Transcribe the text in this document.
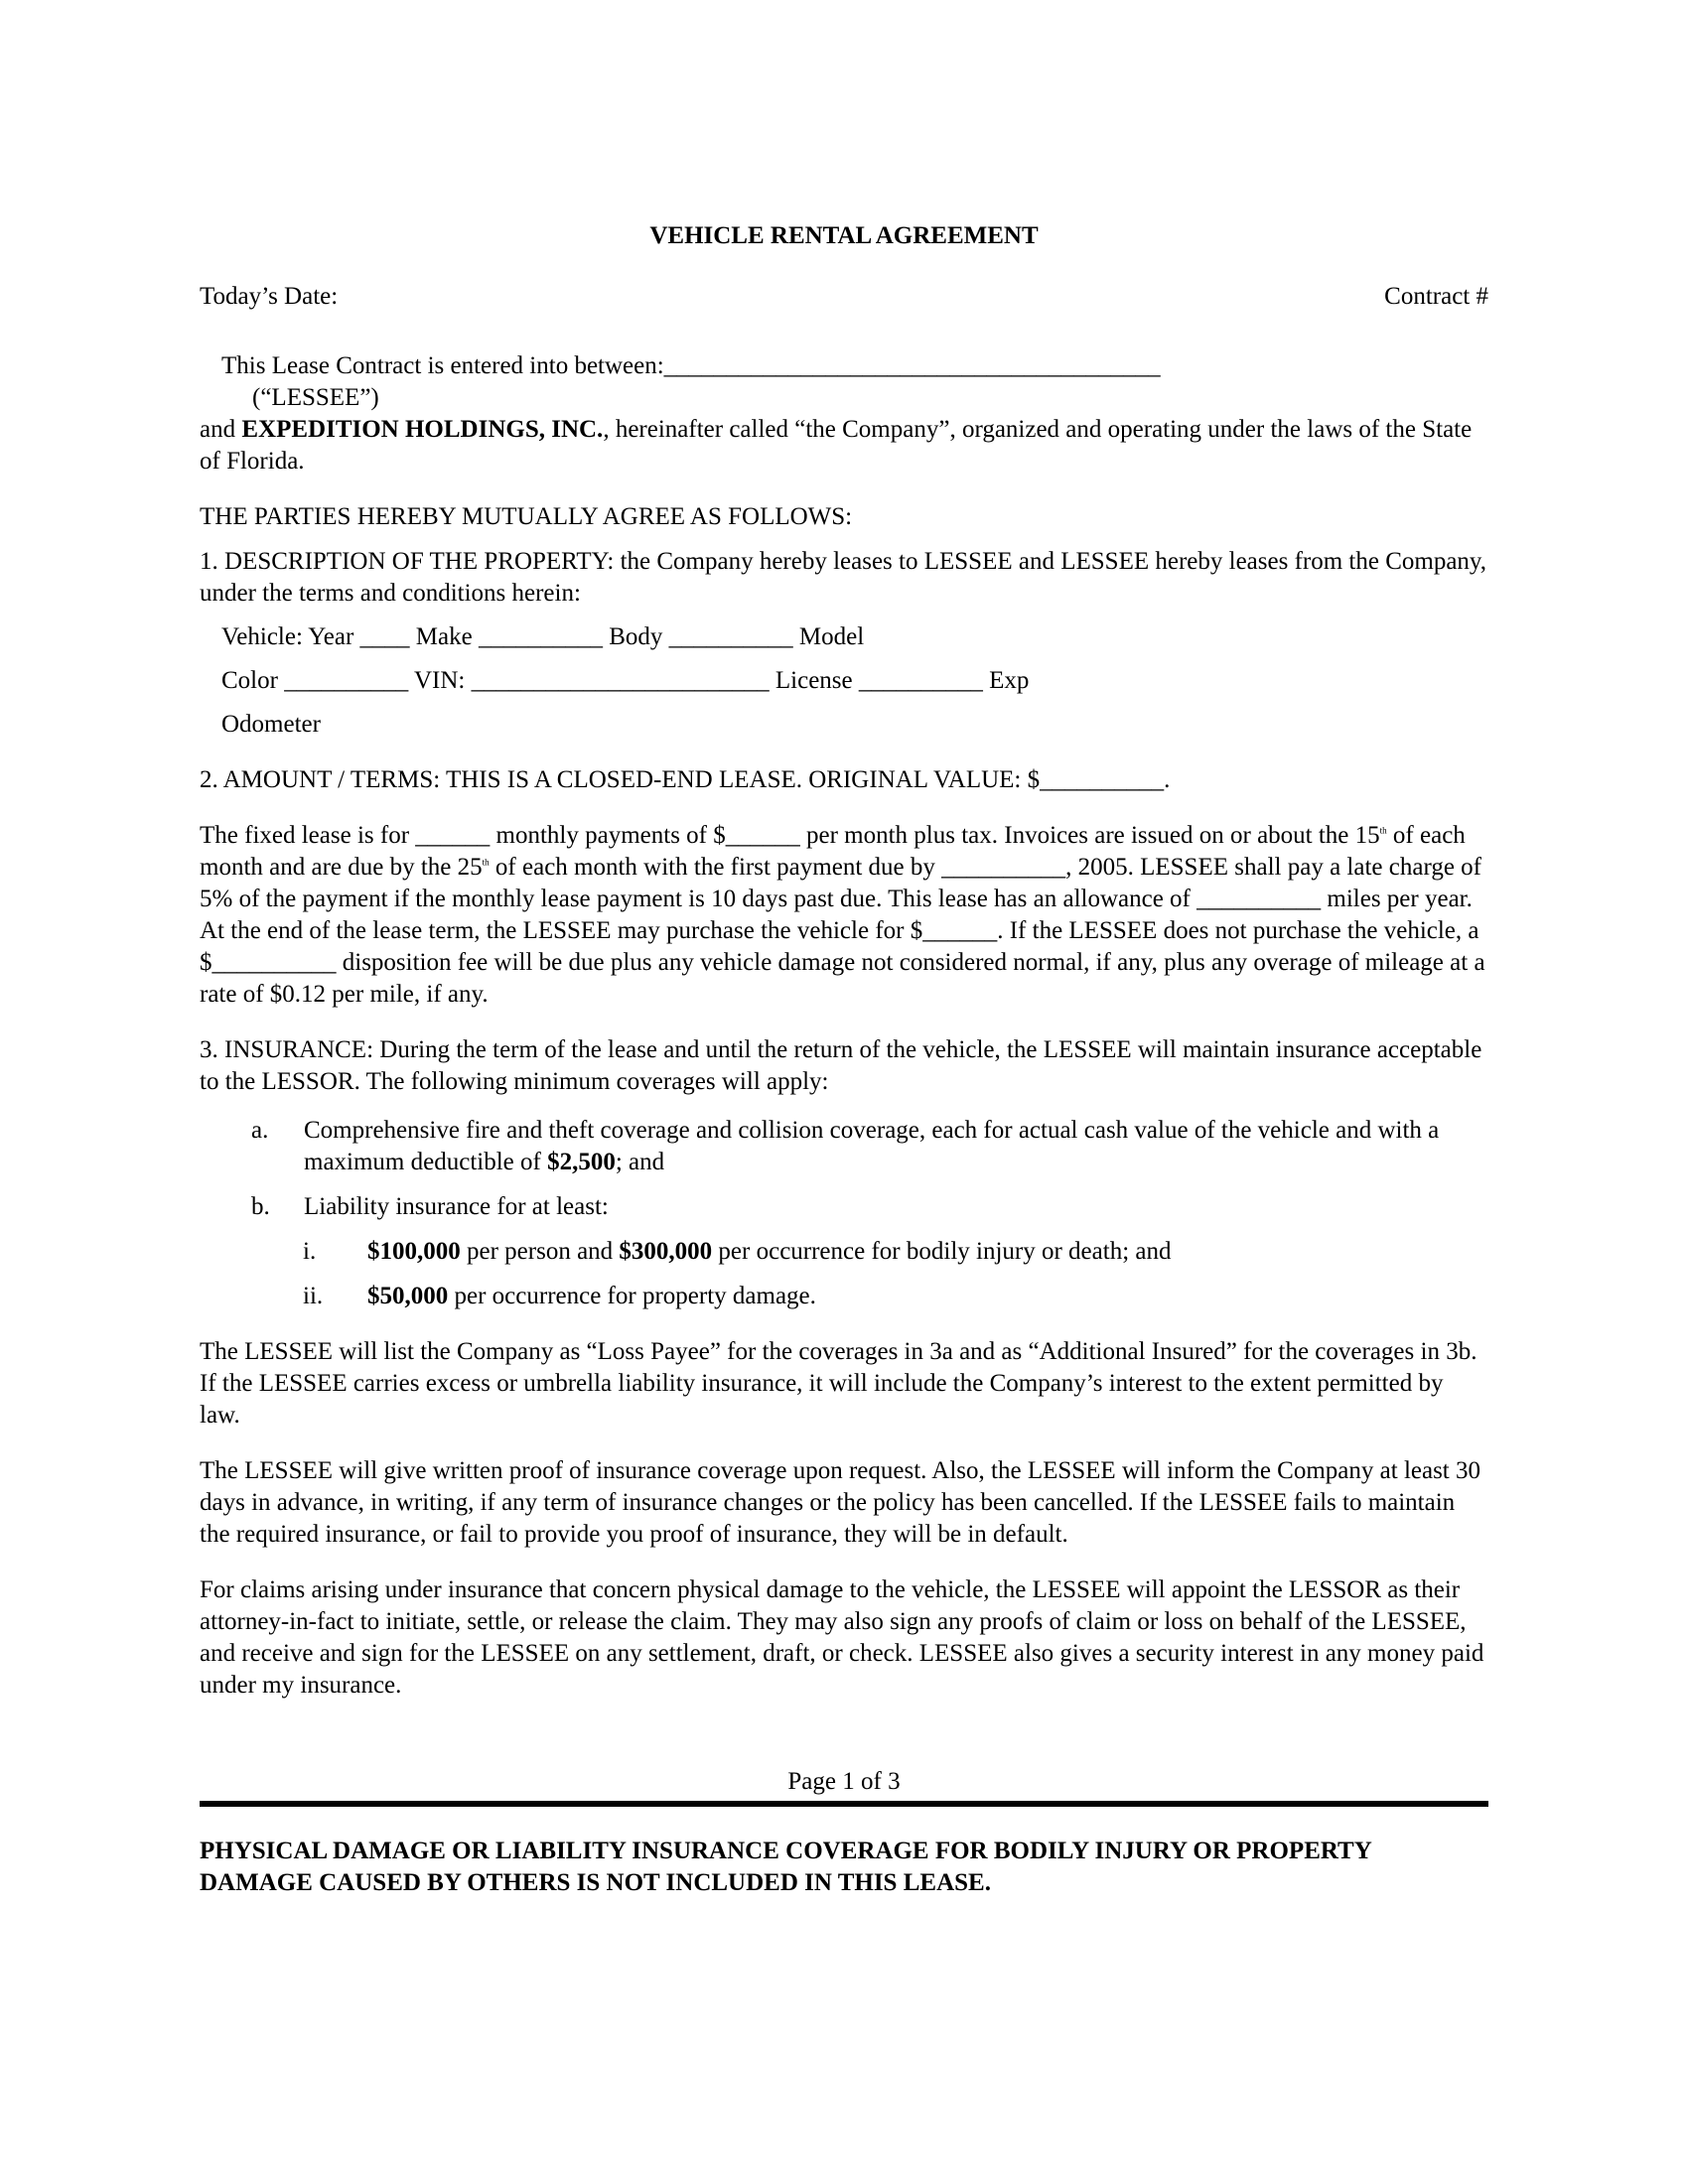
VEHICLE RENTAL AGREEMENT

Today’s Date:	Contract #

This Lease Contract is entered into between:________________________________________

(“LESSEE”)

and EXPEDITION HOLDINGS, INC., hereinafter called “the Company”, organized and operating under the laws of the State of Florida.

THE PARTIES HEREBY MUTUALLY AGREE AS FOLLOWS:

1. DESCRIPTION OF THE PROPERTY: the Company hereby leases to LESSEE and LESSEE hereby leases from the Company, under the terms and conditions herein:

Vehicle: Year ____ Make __________ Body __________ Model

Color __________ VIN: ________________________ License __________ Exp

Odometer

2. AMOUNT / TERMS: THIS IS A CLOSED-END LEASE. ORIGINAL VALUE: $__________.

The fixed lease is for ______ monthly payments of $______ per month plus tax. Invoices are issued on or about the 15th of each month and are due by the 25th of each month with the first payment due by __________, 2005. LESSEE shall pay a late charge of 5% of the payment if the monthly lease payment is 10 days past due. This lease has an allowance of __________ miles per year. At the end of the lease term, the LESSEE may purchase the vehicle for $______. If the LESSEE does not purchase the vehicle, a $__________ disposition fee will be due plus any vehicle damage not considered normal, if any, plus any overage of mileage at a rate of $0.12 per mile, if any.

3. INSURANCE: During the term of the lease and until the return of the vehicle, the LESSEE will maintain insurance acceptable to the LESSOR. The following minimum coverages will apply:

a.	Comprehensive fire and theft coverage and collision coverage, each for actual cash value of the vehicle and with a maximum deductible of $2,500; and
b.	Liability insurance for at least:
i.	$100,000 per person and $300,000 per occurrence for bodily injury or death; and
ii.	$50,000 per occurrence for property damage.

The LESSEE will list the Company as “Loss Payee” for the coverages in 3a and as “Additional Insured” for the coverages in 3b. If the LESSEE carries excess or umbrella liability insurance, it will include the Company’s interest to the extent permitted by law.

The LESSEE will give written proof of insurance coverage upon request. Also, the LESSEE will inform the Company at least 30 days in advance, in writing, if any term of insurance changes or the policy has been cancelled. If the LESSEE fails to maintain the required insurance, or fail to provide you proof of insurance, they will be in default.

For claims arising under insurance that concern physical damage to the vehicle, the LESSEE will appoint the LESSOR as their attorney-in-fact to initiate, settle, or release the claim. They may also sign any proofs of claim or loss on behalf of the LESSEE, and receive and sign for the LESSEE on any settlement, draft, or check. LESSEE also gives a security interest in any money paid under my insurance.

Page 1 of 3
PHYSICAL DAMAGE OR LIABILITY INSURANCE COVERAGE FOR BODILY INJURY OR PROPERTY DAMAGE CAUSED BY OTHERS IS NOT INCLUDED IN THIS LEASE.
